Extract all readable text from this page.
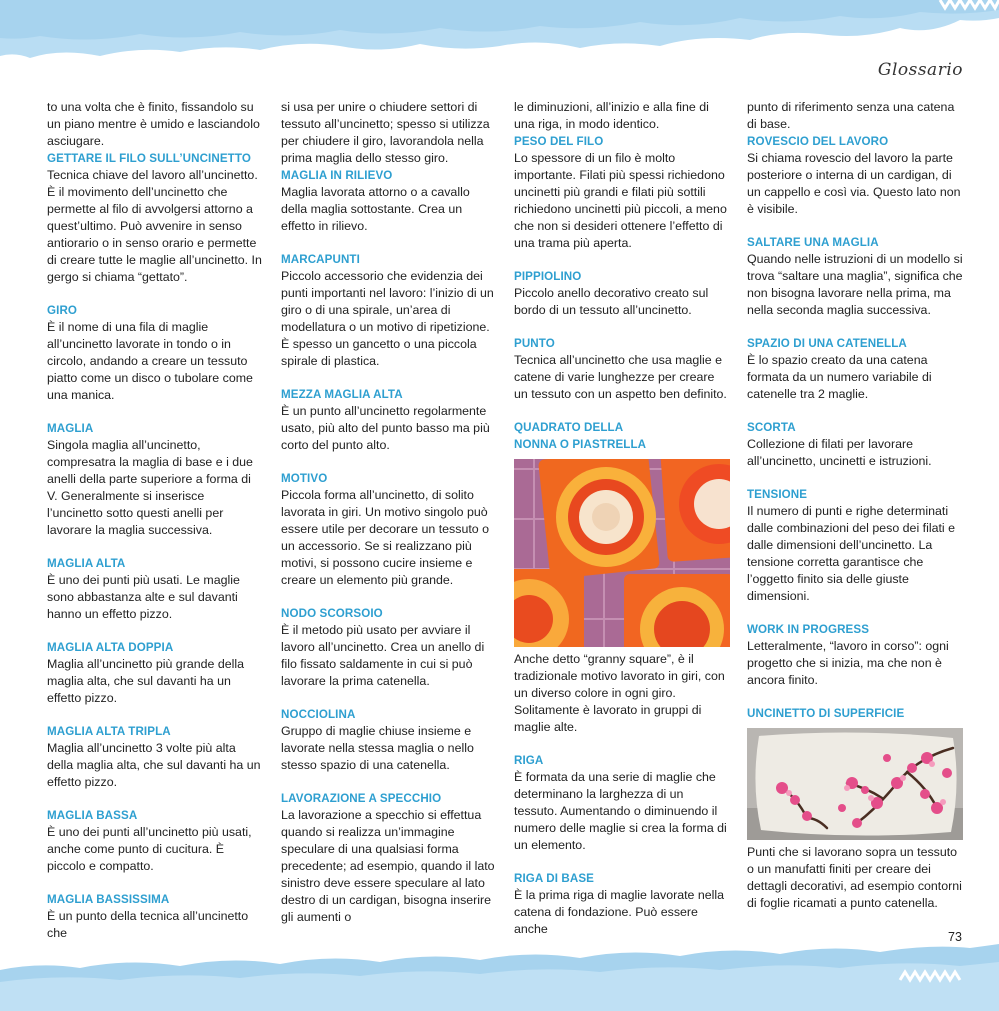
Glossario

to una volta che è finito, fissandolo su un piano mentre è umido e lasciandolo asciugare.

GETTARE IL FILO SULL’UNCINETTO

Tecnica chiave del lavoro all’uncinetto. È il movimento dell’uncinetto che permette al filo di avvolgersi attorno a quest’ultimo. Può avvenire in senso antiorario o in senso orario e permette di creare tutte le maglie all’uncinetto. In gergo si chiama “gettato”.

GIRO

È il nome di una fila di maglie all’uncinetto lavorate in tondo o in circolo, andando a creare un tessuto piatto come un disco o tubolare come una manica.

MAGLIA

Singola maglia all’uncinetto, compresatra la maglia di base e i due anelli della parte superiore a forma di V. Generalmente si inserisce l’uncinetto sotto questi anelli per lavorare la maglia successiva.

MAGLIA ALTA

È uno dei punti più usati. Le maglie sono abbastanza alte e sul davanti hanno un effetto pizzo.

MAGLIA ALTA DOPPIA

Maglia all’uncinetto più grande della maglia alta, che sul davanti ha un effetto pizzo.

MAGLIA ALTA TRIPLA

Maglia all’uncinetto 3 volte più alta della maglia alta, che sul davanti ha un effetto pizzo.

MAGLIA BASSA

È uno dei punti all’uncinetto più usati, anche come punto di cucitura. È piccolo e compatto.

MAGLIA BASSISSIMA

È un punto della tecnica all’uncinetto che

si usa per unire o chiudere settori di tessuto all’uncinetto; spesso si utilizza per chiudere il giro, lavorandola nella prima maglia dello stesso giro.

MAGLIA IN RILIEVO

Maglia lavorata attorno o a cavallo della maglia sottostante. Crea un effetto in rilievo.

MARCAPUNTI

Piccolo accessorio che evidenzia dei punti importanti nel lavoro: l’inizio di un giro o di una spirale, un’area di modellatura o un motivo di ripetizione. È spesso un gancetto o una piccola spirale di plastica.

MEZZA MAGLIA ALTA

È un punto all’uncinetto regolarmente usato, più alto del punto basso ma più corto del punto alto.

MOTIVO

Piccola forma all’uncinetto, di solito lavorata in giri. Un motivo singolo può essere utile per decorare un tessuto o un accessorio. Se si realizzano più motivi, si possono cucire insieme e creare un elemento più grande.

NODO SCORSOIO

È il metodo più usato per avviare il lavoro all’uncinetto. Crea un anello di filo fissato saldamente in cui si può lavorare la prima catenella.

NOCCIOLINA

Gruppo di maglie chiuse insieme e lavorate nella stessa maglia o nello stesso spazio di una catenella.

LAVORAZIONE A SPECCHIO

La lavorazione a specchio si effettua quando si realizza un’immagine speculare di una qualsiasi forma precedente; ad esempio, quando il lato sinistro deve essere speculare al lato destro di un cardigan, bisogna inserire gli aumenti o

le diminuzioni, all’inizio e alla fine di una riga, in modo identico.

PESO DEL FILO

Lo spessore di un filo è molto importante. Filati più spessi richiedono uncinetti più grandi e filati più sottili richiedono uncinetti più piccoli, a meno che non si desideri ottenere l’effetto di una trama più aperta.

PIPPIOLINO

Piccolo anello decorativo creato sul bordo di un tessuto all’uncinetto.

PUNTO

Tecnica all’uncinetto che usa maglie e catene di varie lunghezze per creare un tessuto con un aspetto ben definito.

QUADRATO DELLA NONNA O PIASTRELLA

Anche detto “granny square”, è il tradizionale motivo lavorato in giri, con un diverso colore in ogni giro. Solitamente è lavorato in gruppi di maglie alte.

RIGA

È formata da una serie di maglie che determinano la larghezza di un tessuto. Aumentando o diminuendo il numero delle maglie si crea la forma di un elemento.

RIGA DI BASE

È la prima riga di maglie lavorate nella catena di fondazione. Può essere anche

punto di riferimento senza una catena di base.

ROVESCIO DEL LAVORO

Si chiama rovescio del lavoro la parte posteriore o interna di un cardigan, di un cappello e così via. Questo lato non è visibile.

SALTARE UNA MAGLIA

Quando nelle istruzioni di un modello si trova “saltare una maglia”, significa che non bisogna lavorare nella prima, ma nella seconda maglia successiva.

SPAZIO DI UNA CATENELLA

È lo spazio creato da una catena formata da un numero variabile di catenelle tra 2 maglie.

SCORTA

Collezione di filati per lavorare all’uncinetto, uncinetti e istruzioni.

TENSIONE

Il numero di punti e righe determinati dalle combinazioni del peso dei filati e dalle dimensioni dell’uncinetto. La tensione corretta garantisce che l’oggetto finito sia delle giuste dimensioni.

WORK IN PROGRESS

Letteralmente, “lavoro in corso”: ogni progetto che si inizia, ma che non è ancora finito.

UNCINETTO DI SUPERFICIE

Punti che si lavorano sopra un tessuto o un manufatti finiti per creare dei dettagli decorativi, ad esempio contorni di foglie ricamati a punto catenella.

73
